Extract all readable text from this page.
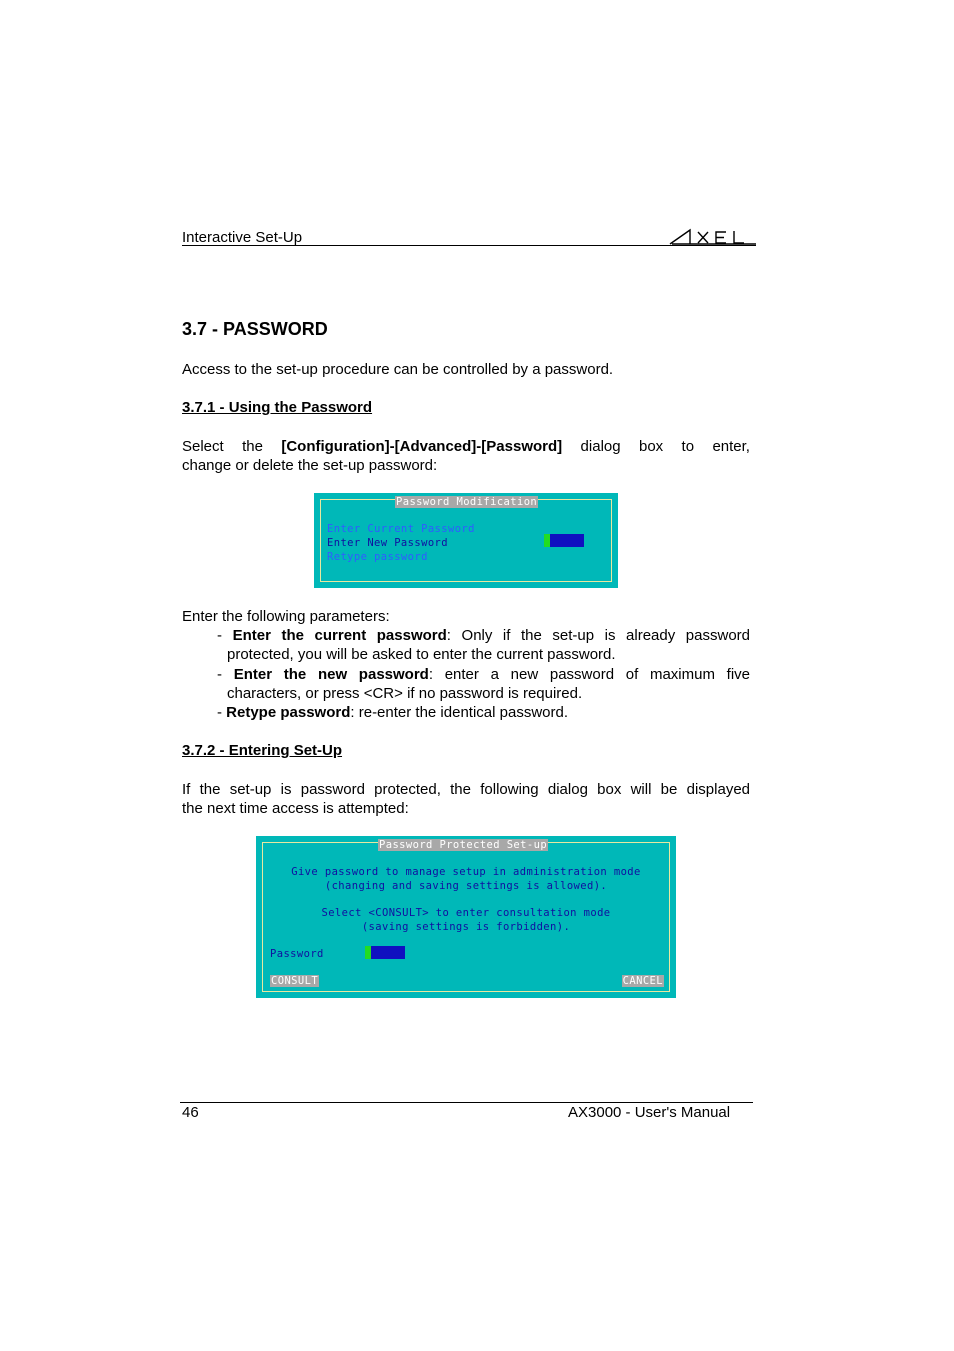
Interactive Set-Up
3.7 - PASSWORD
Access to the set-up procedure can be controlled by a password.
3.7.1 - Using the Password
Select the [Configuration]-[Advanced]-[Password] dialog box to enter,
change or delete the set-up password:
Password Modification
Enter Current Password
Enter New Password
Retype password
Enter the following parameters:
- Enter the current password: Only if the set-up is already password
protected, you will be asked to enter the current password.
- Enter the new password: enter a new password of maximum five
characters, or press <CR> if no password is required.
- Retype password: re-enter the identical password.
3.7.2 - Entering Set-Up
If the set-up is password protected, the following dialog box will be displayed
the next time access is attempted:
Password Protected Set-up
Give password to manage setup in administration mode
(changing and saving settings is allowed).
Select <CONSULT> to enter consultation mode
(saving settings is forbidden).
Password
CONSULT	CANCEL
46	AX3000 - User's Manual
